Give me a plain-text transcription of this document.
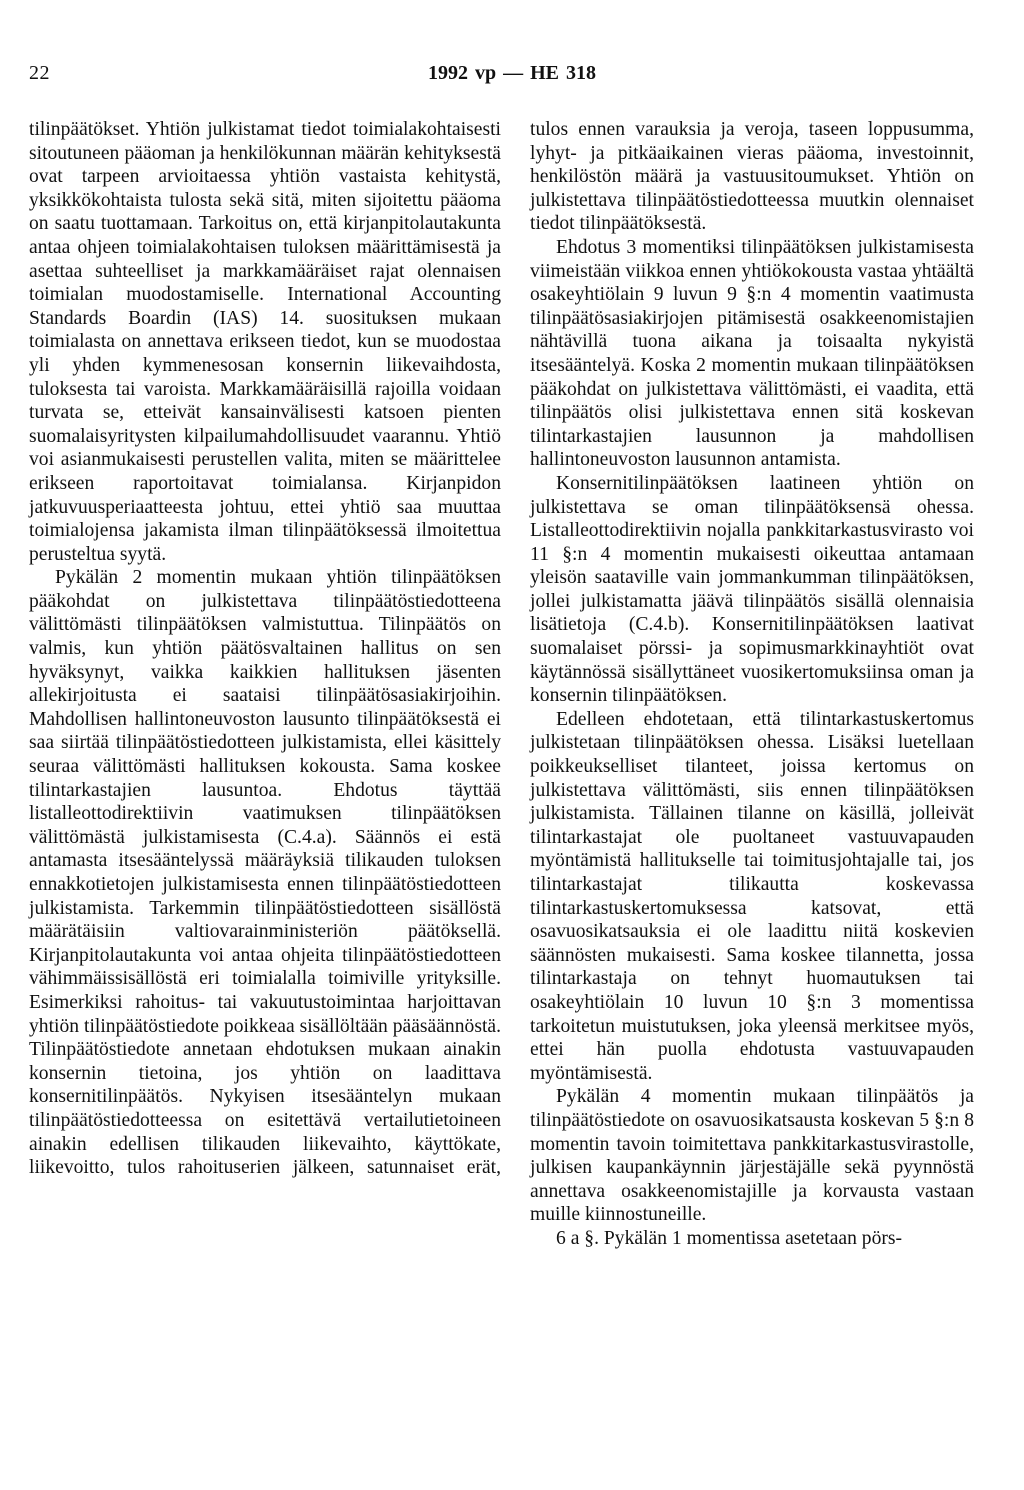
22	1992 vp — HE 318

tilinpäätökset. Yhtiön julkistamat tiedot toimialakohtaisesti sitoutuneen pääoman ja henkilökunnan määrän kehityksestä ovat tarpeen arvioitaessa yhtiön vastaista kehitystä, yksikkökohtaista tulosta sekä sitä, miten sijoitettu pääoma on saatu tuottamaan. Tarkoitus on, että kirjanpitolautakunta antaa ohjeen toimialakohtaisen tuloksen määrittämisestä ja asettaa suhteelliset ja markkamääräiset rajat olennaisen toimialan muodostamiselle. International Accounting Standards Boardin (IAS) 14. suosituksen mukaan toimialasta on annettava erikseen tiedot, kun se muodostaa yli yhden kymmenesosan konsernin liikevaihdosta, tuloksesta tai varoista. Markkamääräisillä rajoilla voidaan turvata se, etteivät kansainvälisesti katsoen pienten suomalaisyritysten kilpailumahdollisuudet vaarannu. Yhtiö voi asianmukaisesti perustellen valita, miten se määrittelee erikseen raportoitavat toimialansa. Kirjanpidon jatkuvuusperiaatteesta johtuu, ettei yhtiö saa muuttaa toimialojensa jakamista ilman tilinpäätöksessä ilmoitettua perusteltua syytä.

Pykälän 2 momentin mukaan yhtiön tilinpäätöksen pääkohdat on julkistettava tilinpäätöstiedotteena välittömästi tilinpäätöksen valmistuttua. Tilinpäätös on valmis, kun yhtiön päätösvaltainen hallitus on sen hyväksynyt, vaikka kaikkien hallituksen jäsenten allekirjoitusta ei saataisi tilinpäätösasiakirjoihin. Mahdollisen hallintoneuvoston lausunto tilinpäätöksestä ei saa siirtää tilinpäätöstiedotteen julkistamista, ellei käsittely seuraa välittömästi hallituksen kokousta. Sama koskee tilintarkastajien lausuntoa. Ehdotus täyttää listalleottodirektiivin vaatimuksen tilinpäätöksen välittömästä julkistamisesta (C.4.a). Säännös ei estä antamasta itsesääntelyssä määräyksiä tilikauden tuloksen ennakkotietojen julkistamisesta ennen tilinpäätöstiedotteen julkistamista. Tarkemmin tilinpäätöstiedotteen sisällöstä määrätäisiin valtiovarainministeriön päätöksellä. Kirjanpitolautakunta voi antaa ohjeita tilinpäätöstiedotteen vähimmäissisällöstä eri toimialalla toimiville yrityksille. Esimerkiksi rahoitus- tai vakuutustoimintaa harjoittavan yhtiön tilinpäätöstiedote poikkeaa sisällöltään pääsäännöstä. Tilinpäätöstiedote annetaan ehdotuksen mukaan ainakin konsernin tietoina, jos yhtiön on laadittava konsernitilinpäätös. Nykyisen itsesääntelyn mukaan tilinpäätöstiedotteessa on esitettävä vertailutietoineen ainakin edellisen tilikauden liikevaihto, käyttökate, liikevoitto, tulos rahoituserien jälkeen, satunnaiset erät,

tulos ennen varauksia ja veroja, taseen loppusumma, lyhyt- ja pitkäaikainen vieras pääoma, investoinnit, henkilöstön määrä ja vastuusitoumukset. Yhtiön on julkistettava tilinpäätöstiedotteessa muutkin olennaiset tiedot tilinpäätöksestä.

Ehdotus 3 momentiksi tilinpäätöksen julkistamisesta viimeistään viikkoa ennen yhtiökokousta vastaa yhtäältä osakeyhtiölain 9 luvun 9 §:n 4 momentin vaatimusta tilinpäätösasiakirjojen pitämisestä osakkeenomistajien nähtävillä tuona aikana ja toisaalta nykyistä itsesääntelyä. Koska 2 momentin mukaan tilinpäätöksen pääkohdat on julkistettava välittömästi, ei vaadita, että tilinpäätös olisi julkistettava ennen sitä koskevan tilintarkastajien lausunnon ja mahdollisen hallintoneuvoston lausunnon antamista.

Konsernitilinpäätöksen laatineen yhtiön on julkistettava se oman tilinpäätöksensä ohessa. Listalleottodirektiivin nojalla pankkitarkastusvirasto voi 11 §:n 4 momentin mukaisesti oikeuttaa antamaan yleisön saataville vain jommankumman tilinpäätöksen, jollei julkistamatta jäävä tilinpäätös sisällä olennaisia lisätietoja (C.4.b). Konsernitilinpäätöksen laativat suomalaiset pörssi- ja sopimusmarkkinayhtiöt ovat käytännössä sisällyttäneet vuosikertomuksiinsa oman ja konsernin tilinpäätöksen.

Edelleen ehdotetaan, että tilintarkastuskertomus julkistetaan tilinpäätöksen ohessa. Lisäksi luetellaan poikkeukselliset tilanteet, joissa kertomus on julkistettava välittömästi, siis ennen tilinpäätöksen julkistamista. Tällainen tilanne on käsillä, jolleivät tilintarkastajat ole puoltaneet vastuuvapauden myöntämistä hallitukselle tai toimitusjohtajalle tai, jos tilintarkastajat tilikautta koskevassa tilintarkastuskertomuksessa katsovat, että osavuosikatsauksia ei ole laadittu niitä koskevien säännösten mukaisesti. Sama koskee tilannetta, jossa tilintarkastaja on tehnyt huomautuksen tai osakeyhtiölain 10 luvun 10 §:n 3 momentissa tarkoitetun muistutuksen, joka yleensä merkitsee myös, ettei hän puolla ehdotusta vastuuvapauden myöntämisestä.

Pykälän 4 momentin mukaan tilinpäätös ja tilinpäätöstiedote on osavuosikatsausta koskevan 5 §:n 8 momentin tavoin toimitettava pankkitarkastusvirastolle, julkisen kaupankäynnin järjestäjälle sekä pyynnöstä annettava osakkeenomistajille ja korvausta vastaan muille kiinnostuneille.

6 a §. Pykälän 1 momentissa asetetaan pörs-
